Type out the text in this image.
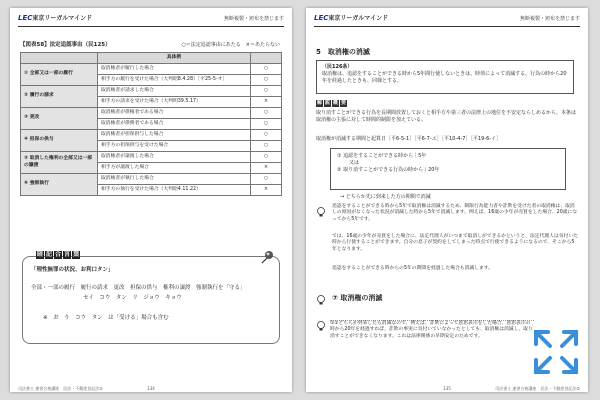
LEC東京リーガルマインド	無断複製・頒布を禁じます
【図表58】法定追認事由（民125）	○＝法定追認事由にあたる　×＝あたらない
	具体例	
① 全部又は一部の履行	取消権者が履行した場合	○
	相手方の履行を受けた場合（大判昭8.4.28）［平25-5-オ］	○
② 履行の請求	取消権者が請求した場合	○
	相手方の請求を受けた場合（大判明39.5.17）	×
③ 更改	取消権者が債権者である場合	○
	取消権者が債務者である場合	○
④ 担保の供与	取消権者が担保供与した場合	○
	相手方の担保供与を受けた場合	○
⑤ 取消した権利の全部又は一部の譲渡	取消権者が譲渡した場合	○
	相手方が譲渡した場合	×
⑥ 強制執行	取消権者が執行した場合	○
	相手方の執行を受けた場合（大判昭4.11.22）	×
暗 記 合 言 葉
「理性無罪の状況、お利口タン」
全部・一部の履行　履行の請求　更改　担保の供与　権利の譲渡　強制執行を「守る」
セイ　コウ　タン　リ　ジョウ　キョウ
※　お　り　コウ　タン　は「受ける」場合も含む
司法書士 速習合格講座　民法・不動産登記法②	134
LEC東京リーガルマインド	無断複製・頒布を禁じます
5　取消権の消滅
（民126条）
取消権は、追認をすることができる時から5年間行使しないときは、時効によって消滅する。行為の時から20年を経過したときも、同様とする。
解 説 概 要
取り消すことができる行為を長期間放置しておくと相手方や第三者の法律上の地位を不安定ならしめるから、本条は取消権の主張に対して時間的制限を加えている。
取消権が消滅する期間と起算日［平6-5-1］［平6-7-エ］［平10-4-7］［平19-6-イ］
① 追認をすることができる時から｜5年
又は
② 取り消すことができる行為の時から｜20年
→ どちらか先に到来した方の期間で消滅
追認をすることができる時から5年で取消権は消滅するため、制限行為能力者や詐欺を受けた者の取消権は、取消しの原因がなくなった状況が消滅した時から5年で消滅します。例えば、16歳の少年が売買をした場合、20歳になってから5年です。
では、16歳の少年が売買をした場合に、法定代理人がいつまで取消しができるかというと、法定代理人は気付いた時から行使することができます。自分の息子が契約をしてしまった時点で行使できるようになるので、そこから5年となります。
追認をすることができる時からの5年の期間を経過した場合も消滅します。
⑦ 取消権の消滅
①②どちらか到来したら消滅なので、例えば、詐欺によって意思表示をした場合、意思表示の時から20年を経過すれば、詐欺の事実に気付いていなかったとしても、取消権は消滅し、取り消すことができなくなります。これは法律関係の早期安定のためです。
135	司法書士 速習合格講座　民法・不動産登記法②
